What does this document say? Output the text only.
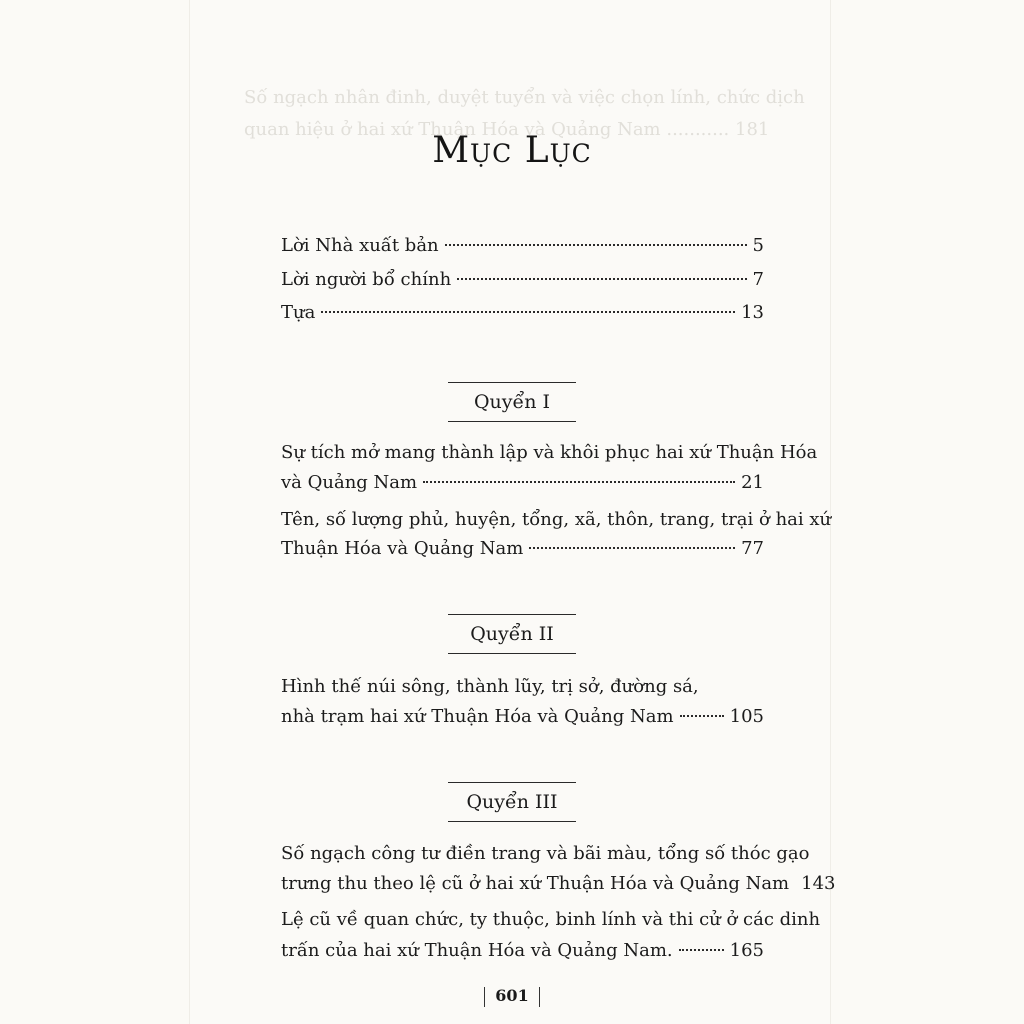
Số ngạch nhân đinh, duyệt tuyển và việc chọn lính, chức dịch
quan hiệu ở hai xứ Thuận Hóa và Quảng Nam ........... 181
Mục Lục
Lời Nhà xuất bản	5
Lời người bổ chính	7
Tựa	13
Quyển I
Sự tích mở mang thành lập và khôi phục hai xứ Thuận Hóa
và Quảng Nam	21
Tên, số lượng phủ, huyện, tổng, xã, thôn, trang, trại ở hai xứ
Thuận Hóa và Quảng Nam	77
Quyển II
Hình thế núi sông, thành lũy, trị sở, đường sá,
nhà trạm hai xứ Thuận Hóa và Quảng Nam	105
Quyển III
Số ngạch công tư điền trang và bãi màu, tổng số thóc gạo
trưng thu theo lệ cũ ở hai xứ Thuận Hóa và Quảng Nam 143
Lệ cũ về quan chức, ty thuộc, binh lính và thi cử ở các dinh
trấn của hai xứ Thuận Hóa và Quảng Nam.	165
601
